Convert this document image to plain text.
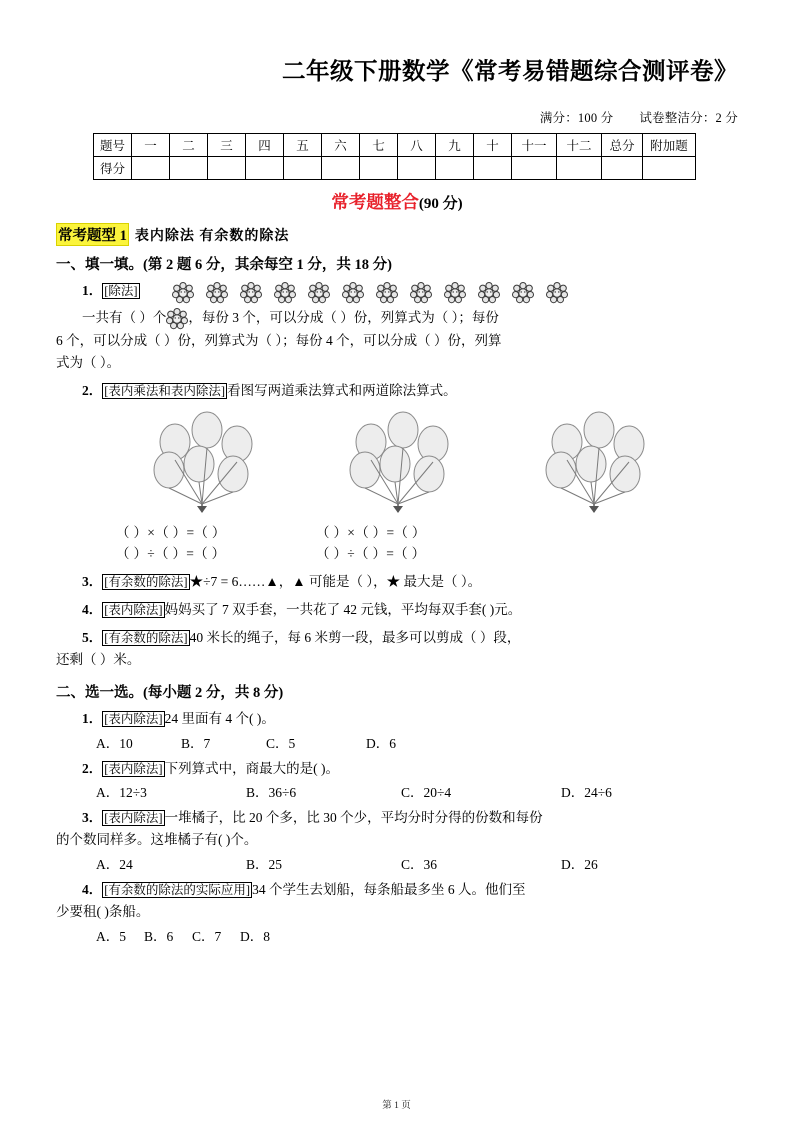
二年级下册数学《常考易错题综合测评卷》
满分：100 分 试卷整洁分：2 分
题号	一	二	三	四	五	六	七	八	九	十	十一	十二	总分	附加题
得分														
常考题整合(90 分)
常考题型 1 表内除法 有余数的除法
一、填一填。(第 2 题 6 分，其余每空 1 分，共 18 分)
1． [除法]
一共有（ ）个 ，每份 3 个，可以分成（ ）份，列算式为（ ）；每份
6 个，可以分成（ ）份，列算式为（ ）；每份 4 个，可以分成（ ）份，列算
式为（ ）。
2． [表内乘法和表内除法] 看图写两道乘法算式和两道除法算式。
（ ）×（ ）=（ ）	（ ）×（ ）=（ ）
（ ）÷（ ）=（ ）	（ ）÷（ ）=（ ）
3． [有余数的除法] ★÷7 = 6……▲，▲ 可能是（ ），★ 最大是（ ）。
4． [表内除法] 妈妈买了 7 双手套，一共花了 42 元钱，平均每双手套( )元。
5． [有余数的除法] 40 米长的绳子，每 6 米剪一段，最多可以剪成（ ）段，
还剩（ ）米。
二、选一选。(每小题 2 分，共 8 分)
1． [表内除法] 24 里面有 4 个( )。
A．10	B．7	C．5	D．6
2． [表内除法] 下列算式中，商最大的是( )。
A．12÷3	B．36÷6	C．20÷4	D．24÷6
3． [表内除法] 一堆橘子，比 20 个多，比 30 个少，平均分时分得的份数和每份
的个数同样多。这堆橘子有( )个。
A．24	B．25	C．36	D．26
4． [有余数的除法的实际应用] 34 个学生去划船，每条船最多坐 6 人。他们至
少要租( )条船。
A．5	B．6	C．7	D．8
第 1 页
